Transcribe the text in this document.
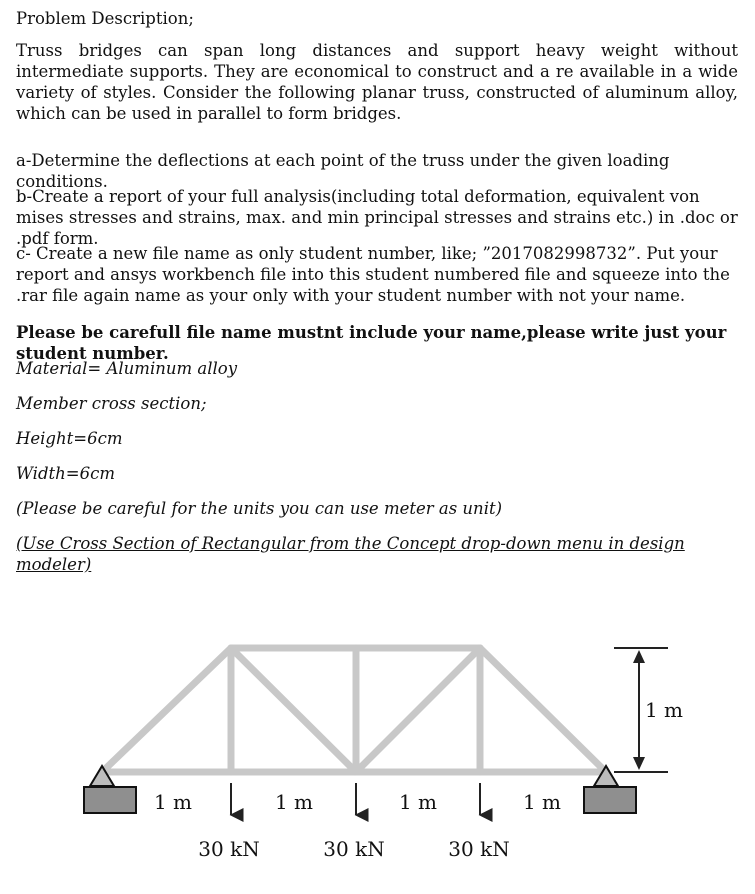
Problem Description;
Truss bridges can span long distances and support heavy weight without intermediate supports. They are economical to construct and a re available in a wide variety of styles. Consider the following planar truss, constructed of aluminum alloy, which can be used in parallel to form bridges.
a-Determine the deflections at each point of the truss under the given loading conditions.
b-Create a report of your full analysis(including total deformation, equivalent von mises stresses and strains, max. and min principal stresses and strains etc.) in .doc or .pdf form.
c- Create a new file name as only student number, like; ”2017082998732”. Put your report and ansys workbench file into this student numbered file and squeeze into the .rar file again name as your only with your student number with not your name.
Please be carefull file name mustnt include your name,please write just your student number.
Material= Aluminum alloy
Member cross section;
Height=6cm
Width=6cm
(Please be careful for the units you can use meter as unit)
(Use Cross Section of Rectangular from the Concept drop-down menu in design modeler)
1 m	1 m	1 m	1 m
1 m
30 kN	30 kN	30 kN
